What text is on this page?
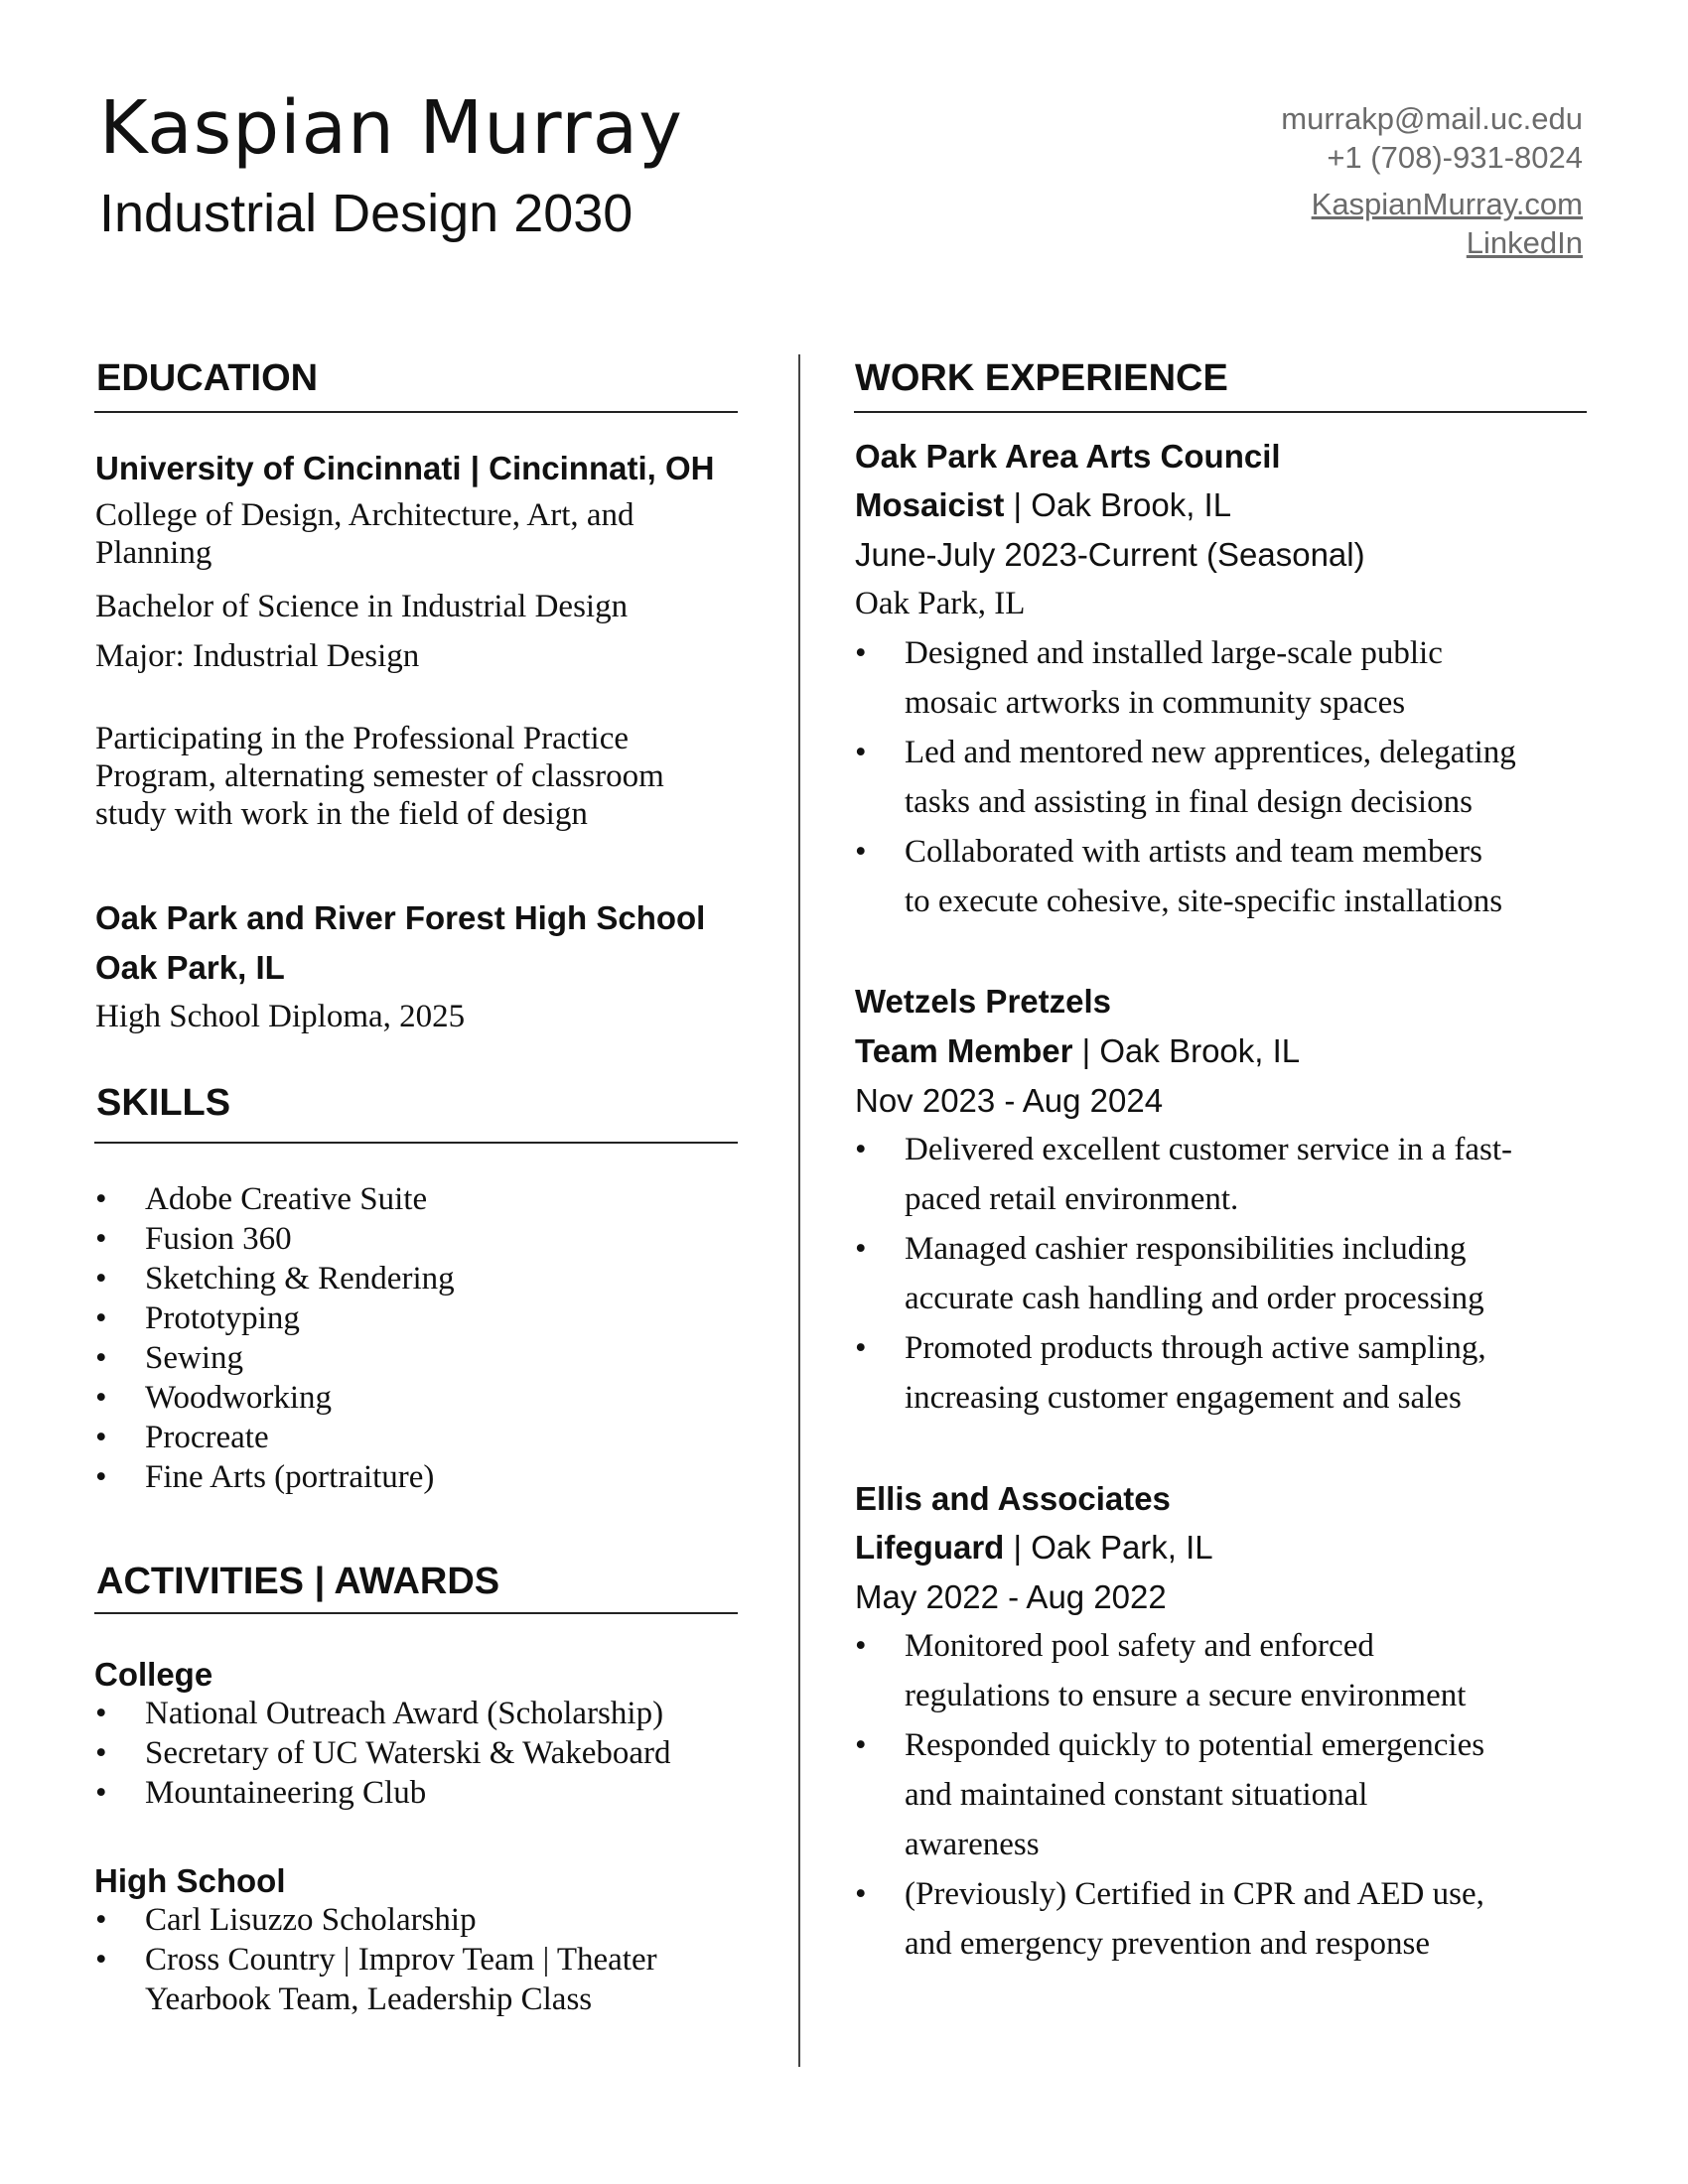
Kaspian Murray
Industrial Design 2030
murrakp@mail.uc.edu
+1 (708)-931-8024
KaspianMurray.com
LinkedIn
EDUCATION
University of Cincinnati | Cincinnati, OH
College of Design, Architecture, Art, and Planning
Bachelor of Science in Industrial Design
Major: Industrial Design
Participating in the Professional Practice Program, alternating semester of classroom study with work in the field of design
Oak Park and River Forest High School
Oak Park, IL
High School Diploma, 2025
SKILLS
• Adobe Creative Suite
• Fusion 360
• Sketching & Rendering
• Prototyping
• Sewing
• Woodworking
• Procreate
• Fine Arts (portraiture)
ACTIVITIES | AWARDS
College
• National Outreach Award (Scholarship)
• Secretary of UC Waterski & Wakeboard
• Mountaineering Club
High School
• Carl Lisuzzo Scholarship
• Cross Country | Improv Team | Theater
Yearbook Team, Leadership Class
WORK EXPERIENCE
Oak Park Area Arts Council
Mosaicist | Oak Brook, IL
June-July 2023-Current (Seasonal)
Oak Park, IL
• Designed and installed large-scale public
mosaic artworks in community spaces
• Led and mentored new apprentices, delegating
tasks and assisting in final design decisions
• Collaborated with artists and team members
to execute cohesive, site-specific installations
Wetzels Pretzels
Team Member | Oak Brook, IL
Nov 2023 - Aug 2024
• Delivered excellent customer service in a fast-
paced retail environment.
• Managed cashier responsibilities including
accurate cash handling and order processing
• Promoted products through active sampling,
increasing customer engagement and sales
Ellis and Associates
Lifeguard | Oak Park, IL
May 2022 - Aug 2022
• Monitored pool safety and enforced
regulations to ensure a secure environment
• Responded quickly to potential emergencies
and maintained constant situational
awareness
• (Previously) Certified in CPR and AED use,
and emergency prevention and response
